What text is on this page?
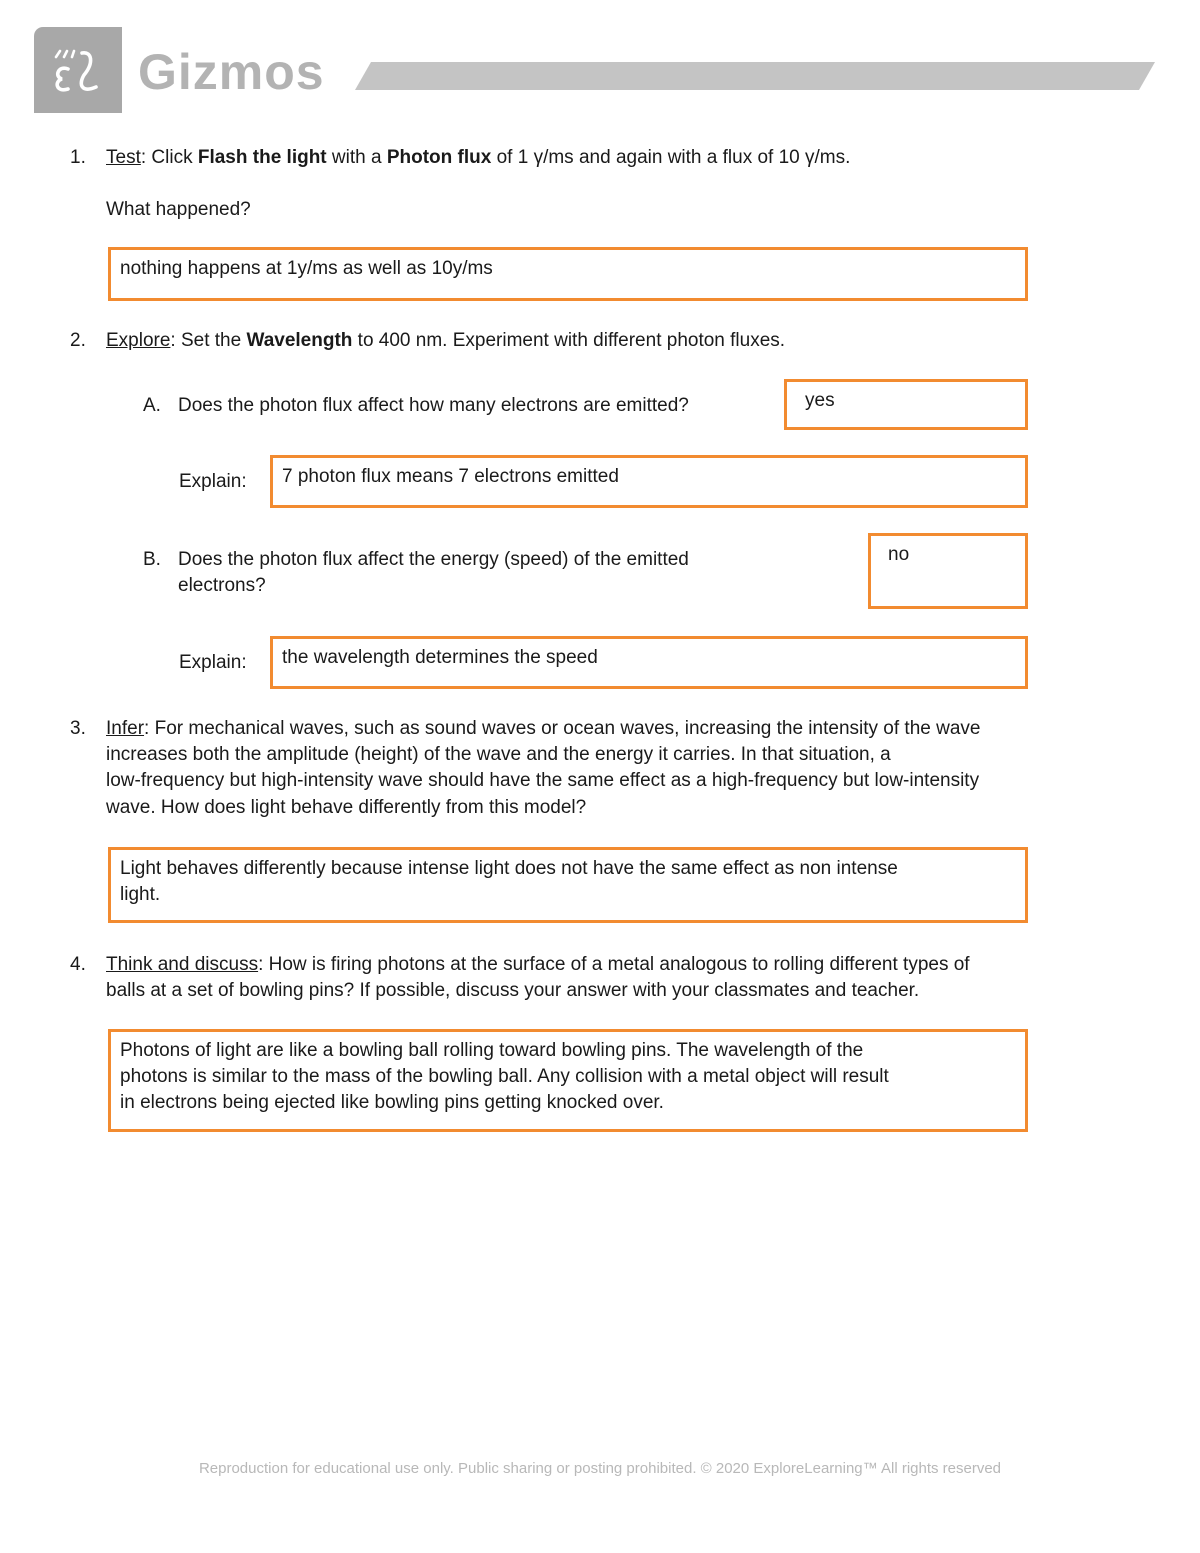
Gizmos
1. Test: Click Flash the light with a Photon flux of 1 γ/ms and again with a flux of 10 γ/ms.
What happened?
nothing happens at 1y/ms as well as 10y/ms
2. Explore: Set the Wavelength to 400 nm. Experiment with different photon fluxes.
A. Does the photon flux affect how many electrons are emitted?	yes
Explain:	7 photon flux means 7 electrons emitted
B. Does the photon flux affect the energy (speed) of the emitted
electrons?
no
Explain:	the wavelength determines the speed
3. Infer: For mechanical waves, such as sound waves or ocean waves, increasing the intensity of the wave
increases both the amplitude (height) of the wave and the energy it carries. In that situation, a
low-frequency but high-intensity wave should have the same effect as a high-frequency but low-intensity
wave. How does light behave differently from this model?
Light behaves differently because intense light does not have the same effect as non intense
light.
4. Think and discuss: How is firing photons at the surface of a metal analogous to rolling different types of
balls at a set of bowling pins? If possible, discuss your answer with your classmates and teacher.
Photons of light are like a bowling ball rolling toward bowling pins. The wavelength of the
photons is similar to the mass of the bowling ball. Any collision with a metal object will result
in electrons being ejected like bowling pins getting knocked over.
Reproduction for educational use only. Public sharing or posting prohibited. © 2020 ExploreLearning™ All rights reserved
